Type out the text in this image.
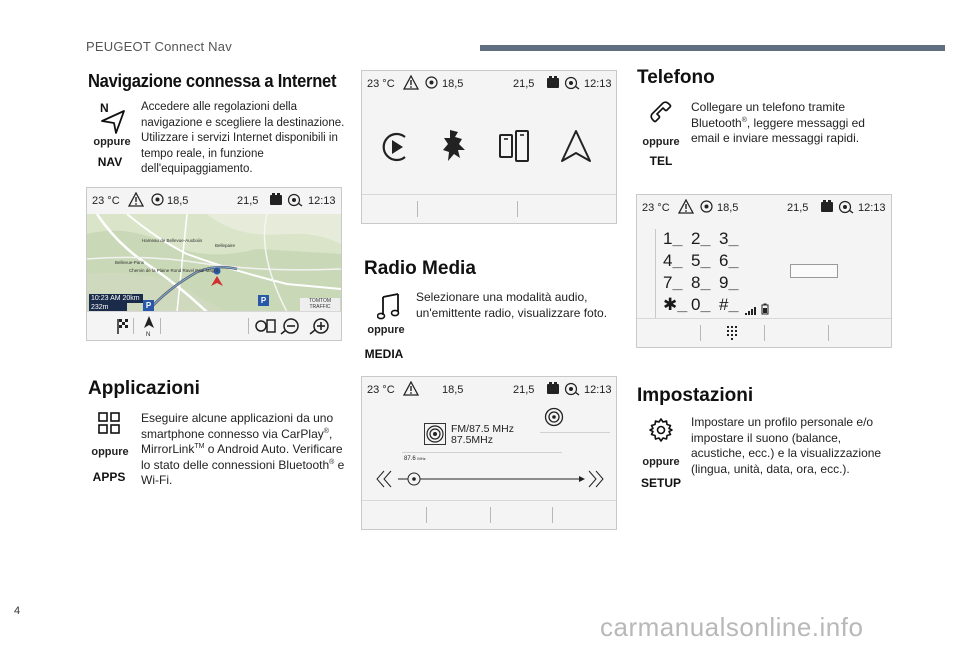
PEUGEOT Connect Nav
Navigazione connessa a Internet
N
oppure
NAV
Accedere alle regolazioni della navigazione e scegliere la destinazione. Utilizzare i servizi Internet disponibili in tempo reale, in funzione dell'equipaggiamento.
23 °C	18,5	21,5	12:13
Hameau de Bellevue-Auxboiis
Bellepaire
Bellevue-Paris
Chemin de la Plaine Rond Ravel Paul Magni
10:23 AM 20km
232m	P
P	TOMTOM TRAFFIC
N
Applicazioni
oppure
APPS
Eseguire alcune applicazioni da uno smartphone connesso via CarPlay®, MirrorLink™ o Android Auto. Verificare lo stato delle connessioni Bluetooth® e Wi-Fi.
23 °C	18,5	21,5	12:13
Radio Media
oppure
MEDIA
Selezionare una modalità audio, un'emittente radio, visualizzare foto.
23 °C	18,5	21,5	12:13
FM/87.5 MHz
87.5MHz
87.6 MHz
Telefono
oppure
TEL
Collegare un telefono tramite Bluetooth®, leggere messaggi ed email e inviare messaggi rapidi.
23 °C	18,5	21,5	12:13
1__ 2__ 3__
4__ 5__ 6__
7__ 8__ 9__
✱__ 0__ #__
Impostazioni
oppure
SETUP
Impostare un profilo personale e/o impostare il suono (balance, acustiche, ecc.) e la visualizzazione (lingua, unità, data, ora, ecc.).
4
carmanualsonline.info
